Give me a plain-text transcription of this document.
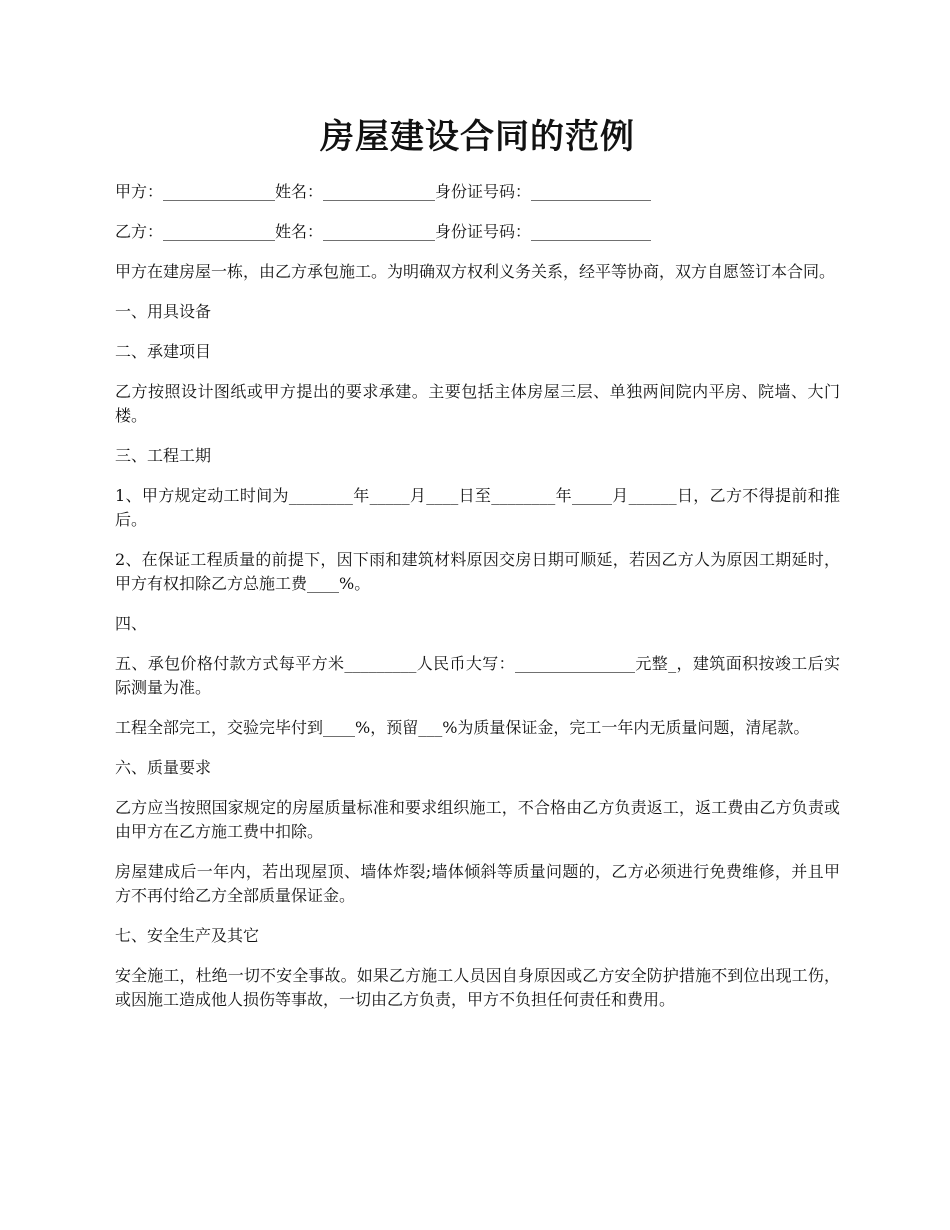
房屋建设合同的范例

甲方：______________姓名：______________身份证号码：_______________

乙方：______________姓名：______________身份证号码：_______________

甲方在建房屋一栋，由乙方承包施工。为明确双方权利义务关系，经平等协商，双方自愿签订本合同。

一、用具设备

二、承建项目

乙方按照设计图纸或甲方提出的要求承建。主要包括主体房屋三层、单独两间院内平房、院墙、大门楼。

三、工程工期

1、甲方规定动工时间为________年_____月____日至________年_____月______日，乙方不得提前和推后。

2、在保证工程质量的前提下，因下雨和建筑材料原因交房日期可顺延，若因乙方人为原因工期延时，甲方有权扣除乙方总施工费____%。

四、

五、承包价格付款方式每平方米_________人民币大写：_______________元整_，建筑面积按竣工后实际测量为准。

工程全部完工，交验完毕付到____%，预留___%为质量保证金，完工一年内无质量问题，清尾款。

六、质量要求

乙方应当按照国家规定的房屋质量标准和要求组织施工，不合格由乙方负责返工，返工费由乙方负责或由甲方在乙方施工费中扣除。

房屋建成后一年内，若出现屋顶、墙体炸裂;墙体倾斜等质量问题的，乙方必须进行免费维修，并且甲方不再付给乙方全部质量保证金。

七、安全生产及其它

安全施工，杜绝一切不安全事故。如果乙方施工人员因自身原因或乙方安全防护措施不到位出现工伤，或因施工造成他人损伤等事故，一切由乙方负责，甲方不负担任何责任和费用。
